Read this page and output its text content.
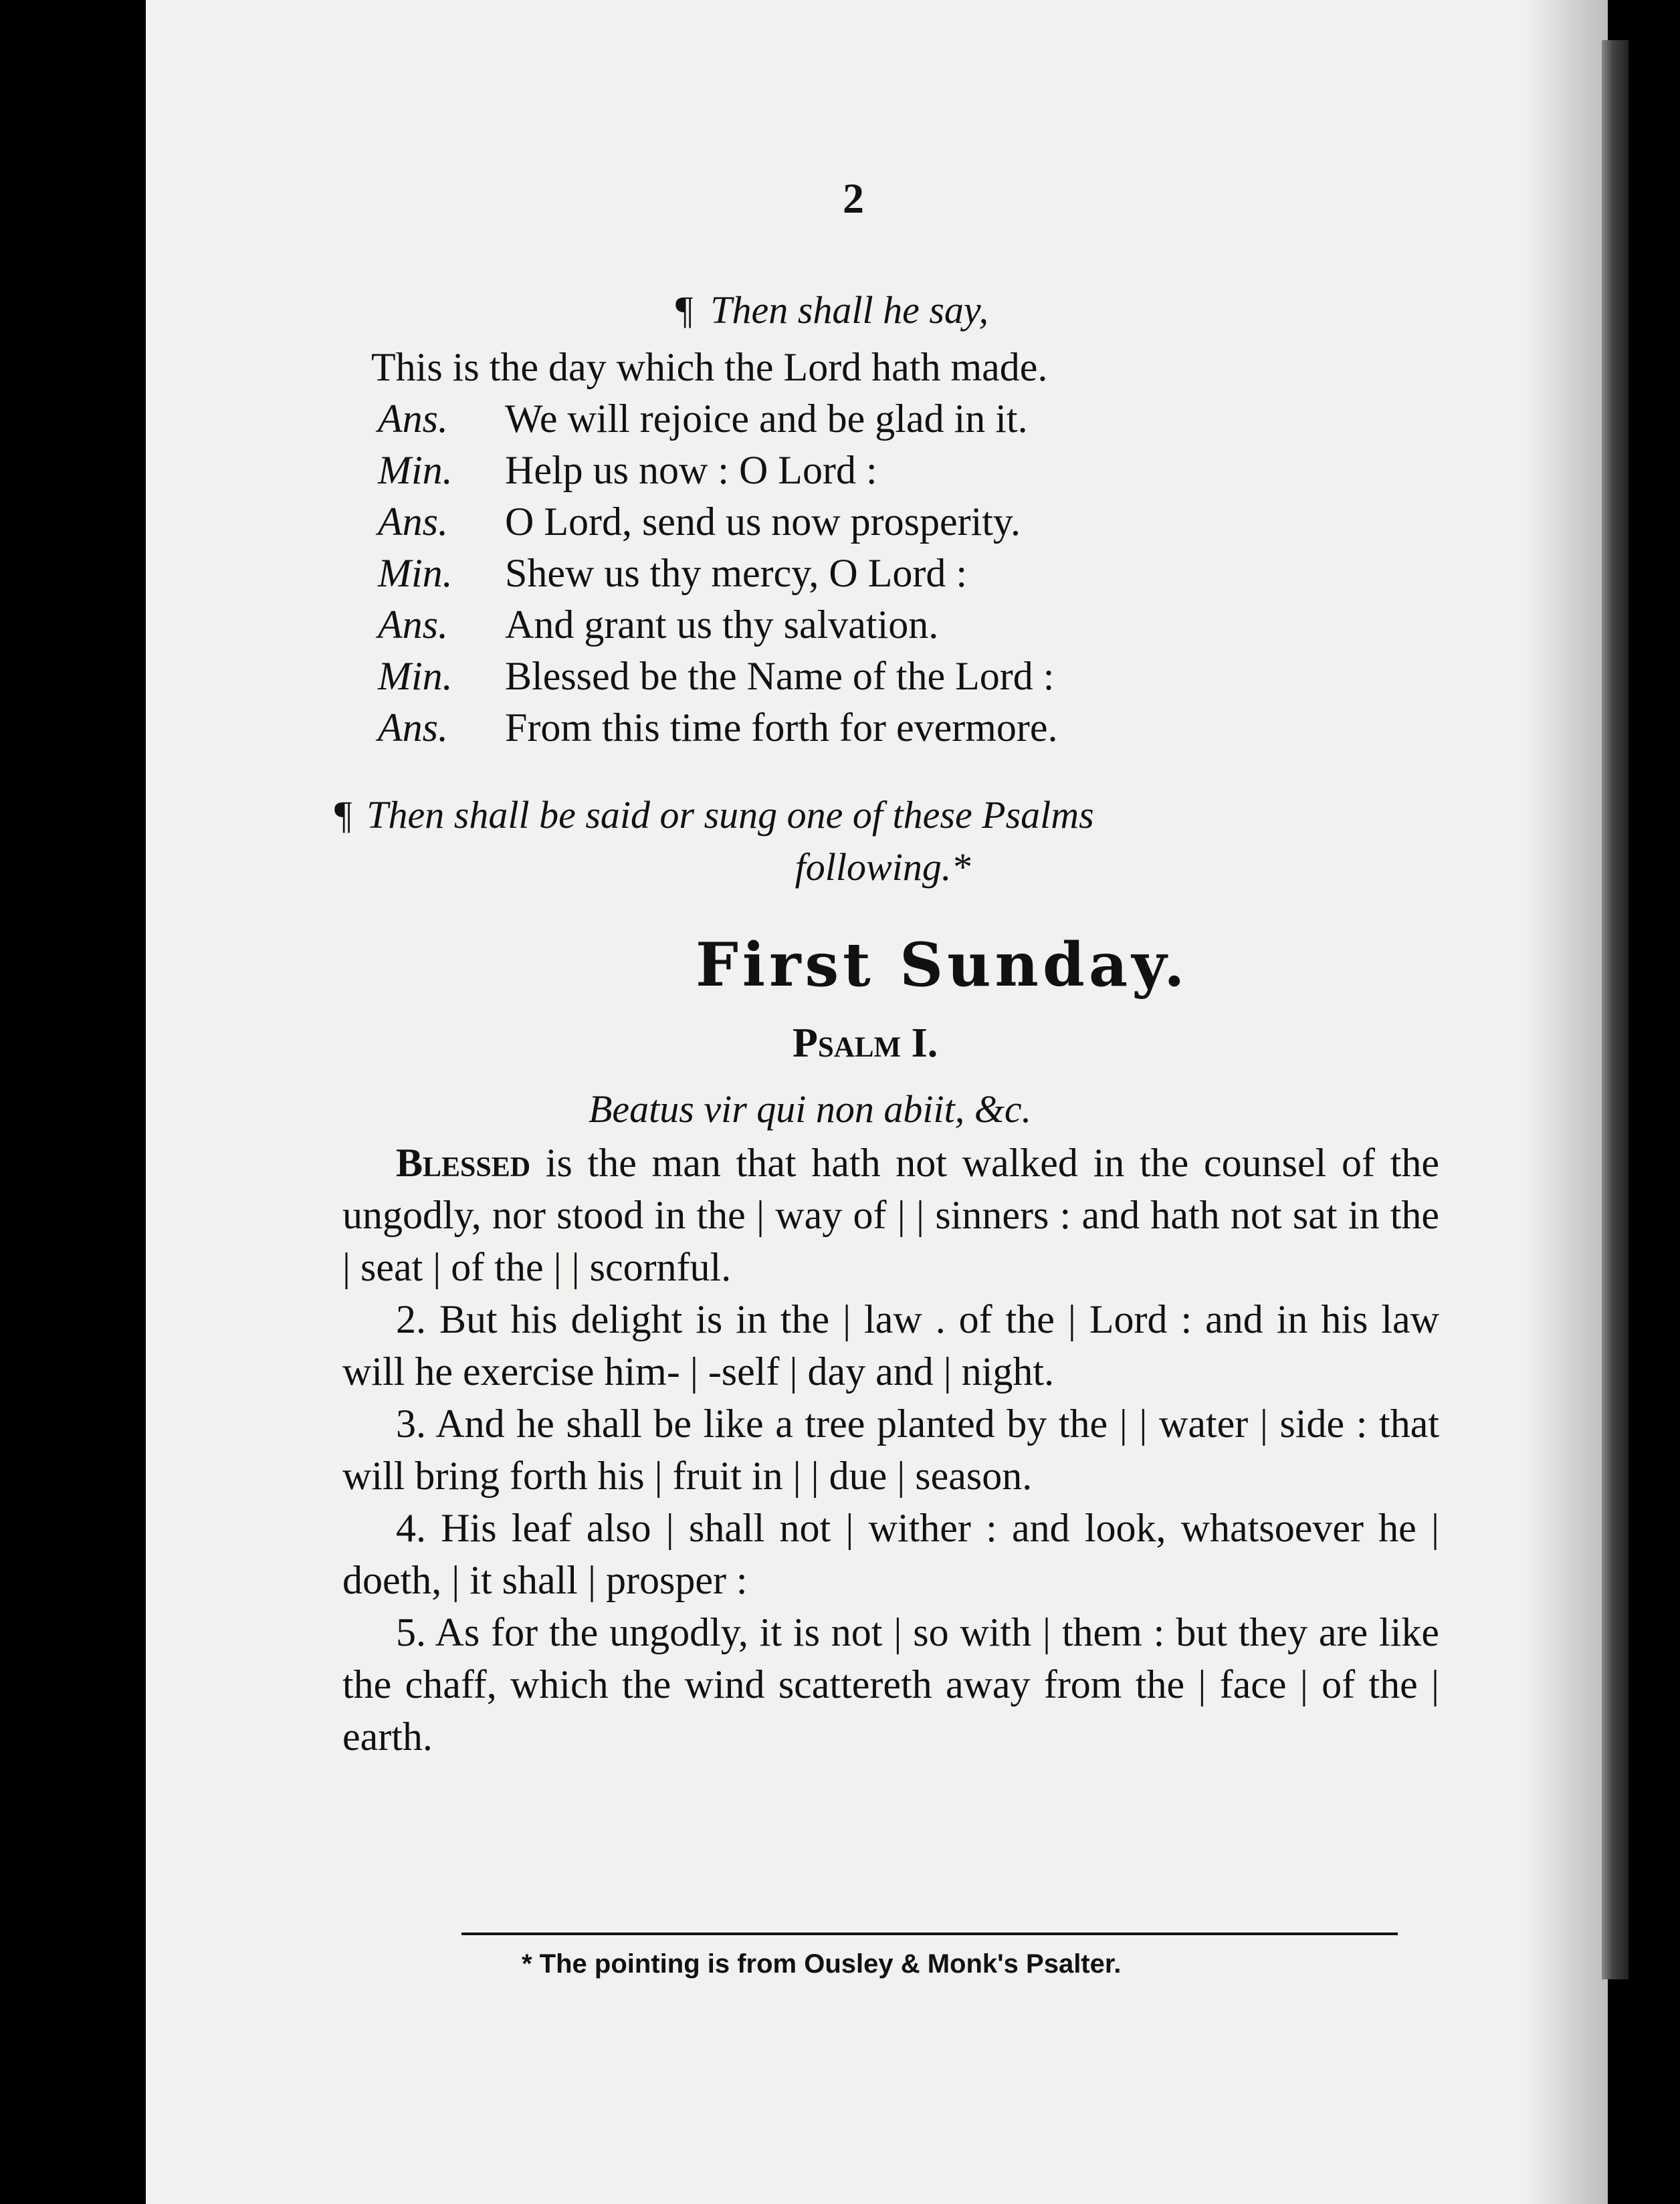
2
¶ Then shall he say,
This is the day which the Lord hath made.
Ans. We will rejoice and be glad in it.
Min. Help us now : O Lord :
Ans. O Lord, send us now prosperity.
Min. Shew us thy mercy, O Lord :
Ans. And grant us thy salvation.
Min. Blessed be the Name of the Lord :
Ans. From this time forth for evermore.
¶ Then shall be said or sung one of these Psalms
following.*
First Sunday.
Psalm I.
Beatus vir qui non abiit, &c.

Blessed is the man that hath not walked in the counsel of the ungodly, nor stood in the | way of | | sinners : and hath not sat in the | seat | of the | | scornful.

2. But his delight is in the | law . of the | Lord : and in his law will he exercise him- | -self | day and | night.

3. And he shall be like a tree planted by the | | water | side : that will bring forth his | fruit in | | due | season.

4. His leaf also | shall not | wither : and look, whatsoever he | doeth, | it shall | prosper :

5. As for the ungodly, it is not | so with | them : but they are like the chaff, which the wind scattereth away from the | face | of the | earth.

* The pointing is from Ousley & Monk's Psalter.
